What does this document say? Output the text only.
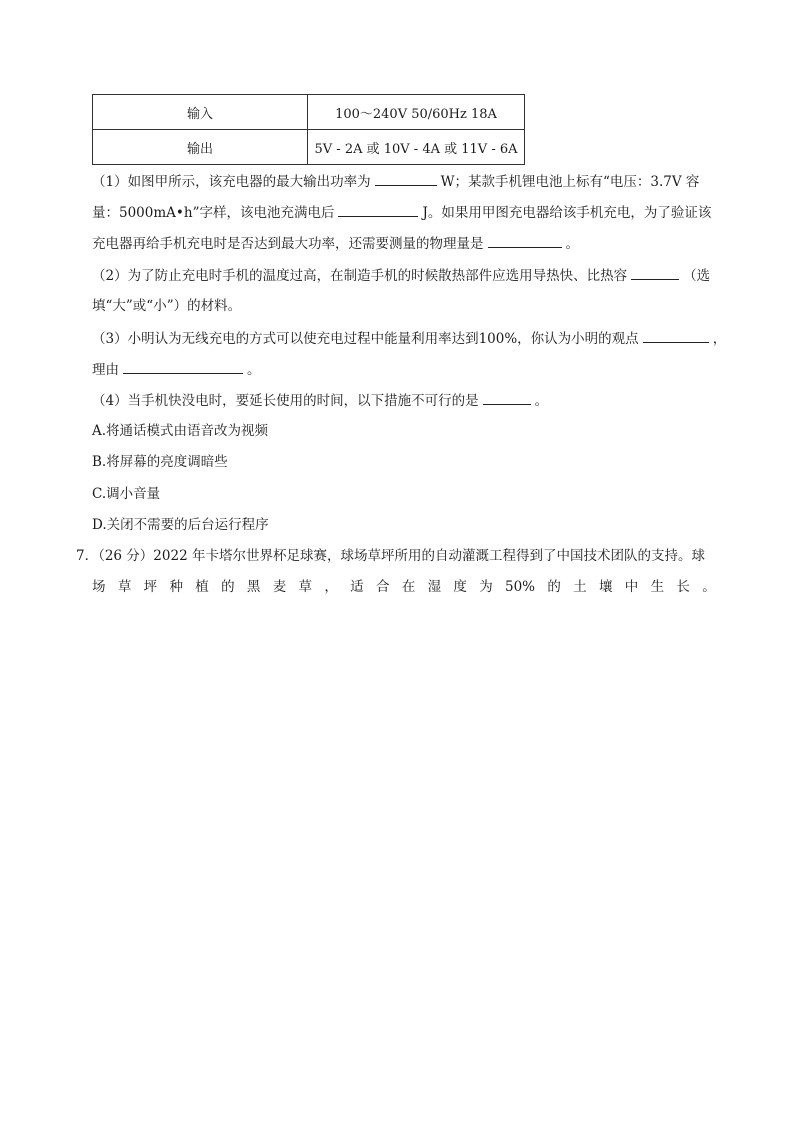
输入	100～240V 50/60Hz 18A
输出	5V - 2A 或 10V - 4A 或 11V - 6A
（1）如图甲所示，该充电器的最大输出功率为	W；某款手机锂电池上标有“电压：3.7V 容
量：5000mA•h”字样，该电池充满电后	J。如果用甲图充电器给该手机充电，为了验证该
充电器再给手机充电时是否达到最大功率，还需要测量的物理量是	。
（2）为了防止充电时手机的温度过高，在制造手机的时候散热部件应选用导热快、比热容	（选
填“大”或“小”）的材料。
（3）小明认为无线充电的方式可以使充电过程中能量利用率达到100%，你认为小明的观点	，
理由	。
（4）当手机快没电时，要延长使用的时间，以下措施不可行的是	。
A.将通话模式由语音改为视频
B.将屏幕的亮度调暗些
C.调小音量
D.关闭不需要的后台运行程序
7．（26 分）2022 年卡塔尔世界杯足球赛，球场草坪所用的自动灌溉工程得到了中国技术团队的支持。球
场 草 坪 种 植 的 黑 麦 草 ， 适 合 在 湿 度 为 50% 的 土 壤 中 生 长 。
